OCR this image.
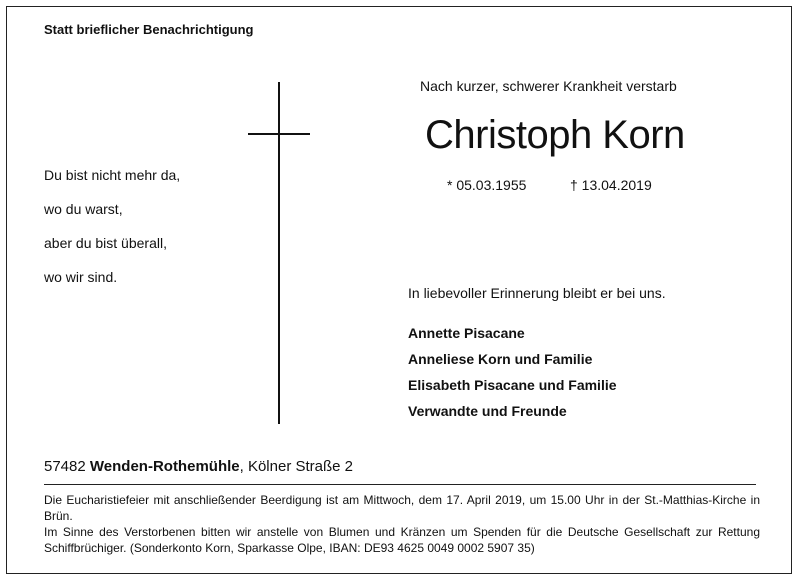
Statt brieflicher Benachrichtigung
Du bist nicht mehr da,
wo du warst,
aber du bist überall,
wo wir sind.
Nach kurzer, schwerer Krankheit verstarb
Christoph Korn
* 05.03.1955	† 13.04.2019
In liebevoller Erinnerung bleibt er bei uns.
Annette Pisacane
Anneliese Korn und Familie
Elisabeth Pisacane und Familie
Verwandte und Freunde
57482 Wenden-Rothemühle, Kölner Straße 2

Die Eucharistiefeier mit anschließender Beerdigung ist am Mittwoch, dem 17. April 2019, um 15.00 Uhr in der St.-Matthias-Kirche in Brün.

Im Sinne des Verstorbenen bitten wir anstelle von Blumen und Kränzen um Spenden für die Deutsche Gesellschaft zur Rettung Schiffbrüchiger. (Sonderkonto Korn, Sparkasse Olpe, IBAN: DE93 4625 0049 0002 5907 35)
